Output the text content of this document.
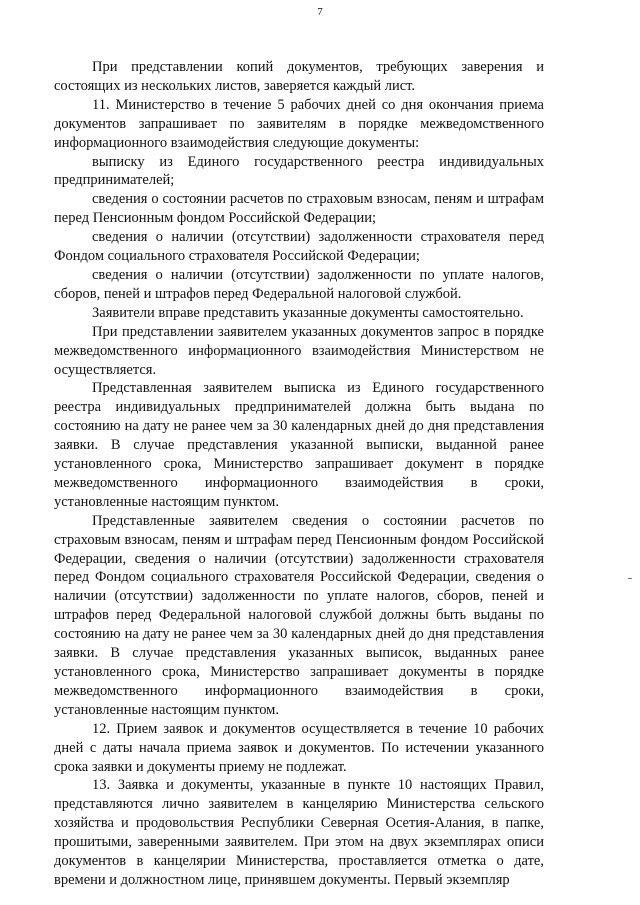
7

При представлении копий документов, требующих заверения и состоящих из нескольких листов, заверяется каждый лист.

11. Министерство в течение 5 рабочих дней со дня окончания приема документов запрашивает по заявителям в порядке межведомственного информационного взаимодействия следующие документы:

выписку из Единого государственного реестра индивидуальных предпринимателей;

сведения о состоянии расчетов по страховым взносам, пеням и штрафам перед Пенсионным фондом Российской Федерации;

сведения о наличии (отсутствии) задолженности страхователя перед Фондом социального страхователя Российской Федерации;

сведения о наличии (отсутствии) задолженности по уплате налогов, сборов, пеней и штрафов перед Федеральной налоговой службой.

Заявители вправе представить указанные документы самостоятельно.

При представлении заявителем указанных документов запрос в порядке межведомственного информационного взаимодействия Министерством не осуществляется.

Представленная заявителем выписка из Единого государственного реестра индивидуальных предпринимателей должна быть выдана по состоянию на дату не ранее чем за 30 календарных дней до дня представления заявки. В случае представления указанной выписки, выданной ранее установленного срока, Министерство запрашивает документ в порядке межведомственного информационного взаимодействия в сроки, установленные настоящим пунктом.

Представленные заявителем сведения о состоянии расчетов по страховым взносам, пеням и штрафам перед Пенсионным фондом Российской Федерации, сведения о наличии (отсутствии) задолженности страхователя перед Фондом социального страхователя Российской Федерации, сведения о наличии (отсутствии) задолженности по уплате налогов, сборов, пеней и штрафов перед Федеральной налоговой службой должны быть выданы по состоянию на дату не ранее чем за 30 календарных дней до дня представления заявки. В случае представления указанных выписок, выданных ранее установленного срока, Министерство запрашивает документы в порядке межведомственного информационного взаимодействия в сроки, установленные настоящим пунктом.

12. Прием заявок и документов осуществляется в течение 10 рабочих дней с даты начала приема заявок и документов. По истечении указанного срока заявки и документы приему не подлежат.

13. Заявка и документы, указанные в пункте 10 настоящих Правил, представляются лично заявителем в канцелярию Министерства сельского хозяйства и продовольствия Республики Северная Осетия-Алания, в папке, прошитыми, заверенными заявителем. При этом на двух экземплярах описи документов в канцелярии Министерства, проставляется отметка о дате, времени и должностном лице, принявшем документы. Первый экземпляр
